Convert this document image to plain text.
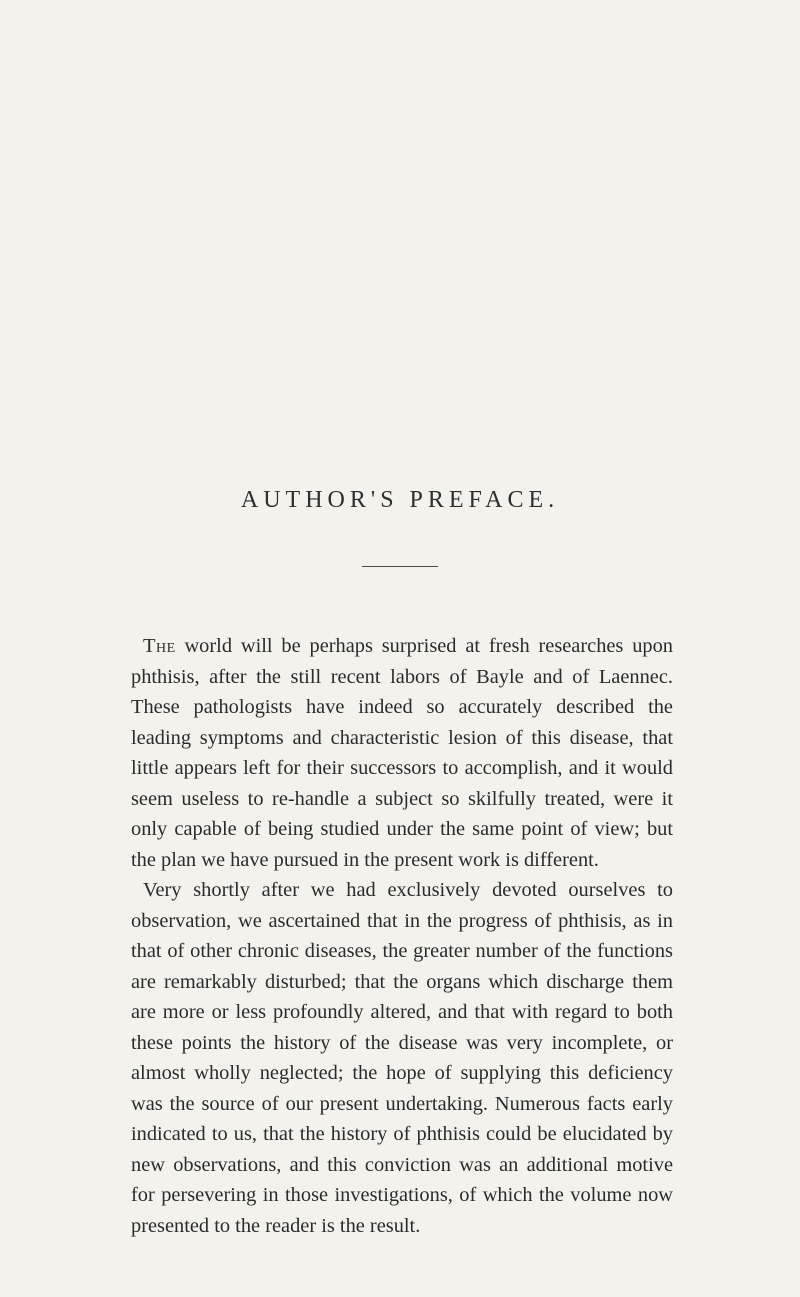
AUTHOR'S PREFACE.

The world will be perhaps surprised at fresh researches upon phthisis, after the still recent labors of Bayle and of Laennec. These pathologists have indeed so accurately described the leading symptoms and characteristic lesion of this disease, that little appears left for their successors to accomplish, and it would seem useless to re-handle a subject so skilfully treated, were it only capable of being studied under the same point of view; but the plan we have pursued in the present work is different.

Very shortly after we had exclusively devoted ourselves to observation, we ascertained that in the progress of phthisis, as in that of other chronic diseases, the greater number of the functions are remarkably disturbed; that the organs which discharge them are more or less profoundly altered, and that with regard to both these points the history of the disease was very incomplete, or almost wholly neglected; the hope of supplying this deficiency was the source of our present undertaking. Numerous facts early indicated to us, that the history of phthisis could be elucidated by new observations, and this conviction was an additional motive for persevering in those investigations, of which the volume now presented to the reader is the result.
